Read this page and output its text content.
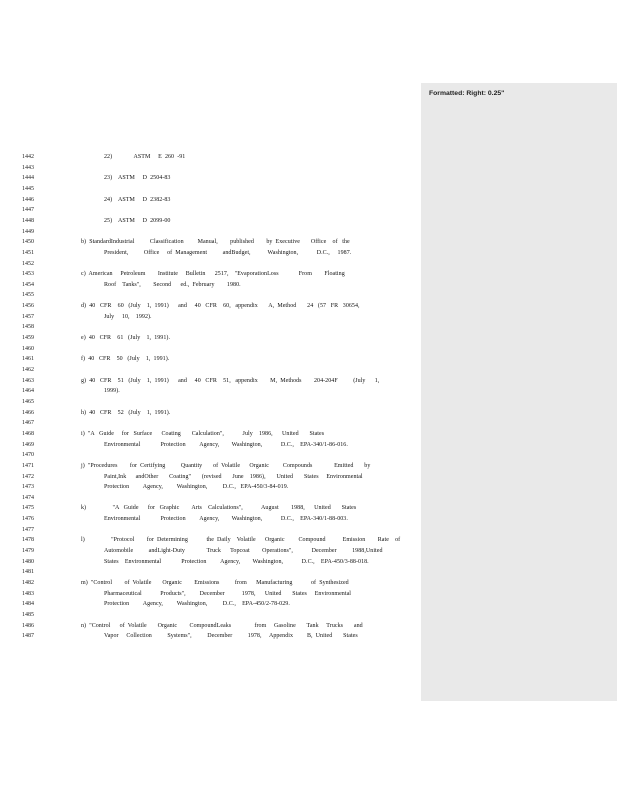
Formatted: Right: 0.25"
1442	22)              ASTM     E  260  -91
1443
1444	23)    ASTM     D  2504-83
1445
1446	24)    ASTM     D  2382-83
1447
1448	25)    ASTM     D  2099-00
1449
1450	b)  StandardIndustrial          Classification         Manual,        published        by  Executive       Office    of   the
1451	President,          Office     of  Management          andBudget,           Washington,            D.C.,     1987.
1452
1453	c)  American     Petroleum        Institute     Bulletin      2517,    "EvaporationLoss             From        Floating
1454	Roof    Tanks",        Second      ed.,  February        1980.
1455
1456	d)  40   CFR    60   (July    1,  1991)      and     40   CFR    60,   appendix       A,  Method       24   (57   FR   30654,
1457	July     10,    1992).
1458
1459	e)  40   CFR    61   (July    1,  1991).
1460
1461	f)  40   CFR    50   (July    1,  1991).
1462
1463	g)  40   CFR    51   (July    1,  1991)      and     40   CFR    51,   appendix        M,  Methods        204-204F          (July      1,
1464	1999).
1465
1466	h)  40   CFR    52   (July    1,  1991).
1467
1468	i)  "A   Guide     for   Surface      Coating       Calculation",            July    1986,      United       States
1469	Environmental             Protection         Agency,        Washington,            D.C.,    EPA-340/1-86-016.
1470
1471	j)  "Procedures        for  Certifying          Quantity       of  Volatile      Organic         Compounds              Emitted       by
1472	Paint,Ink      andOther       Coating"       (revised       June    1986),       United       States     Environmental
1473	Protection         Agency,         Washington,          D.C.,   EPA-450/3-84-019.
1474
1475	k)                 "A   Guide      for   Graphic        Arts    Calculations",            August        1988,      United       States
1476	Environmental             Protection         Agency,        Washington,            D.C.,    EPA-340/1-88-003.
1477
1478	l)                 "Protocol        for  Determining            the  Daily    Volatile      Organic         Compound           Emission        Rate    of
1479	Automobile          andLight-Duty              Truck      Topcoat        Operations",            December          1988,United
1480	States    Environmental             Protection         Agency,        Washington,            D.C.,    EPA-450/3-88-018.
1481
1482	m)  "Control        of  Volatile       Organic        Emissions          from      Manufacturing            of  Synthesized
1483	Pharmaceutical            Products",         December           1978,      United       States     Environmental
1484	Protection         Agency,         Washington,          D.C.,    EPA-450/2-78-029.
1485
1486	n)  "Control      of  Volatile       Organic        CompoundLeaks               from     Gasoline       Tank     Trucks       and
1487	Vapor     Collection          Systems",          December          1978,     Appendix         B,  United       States
